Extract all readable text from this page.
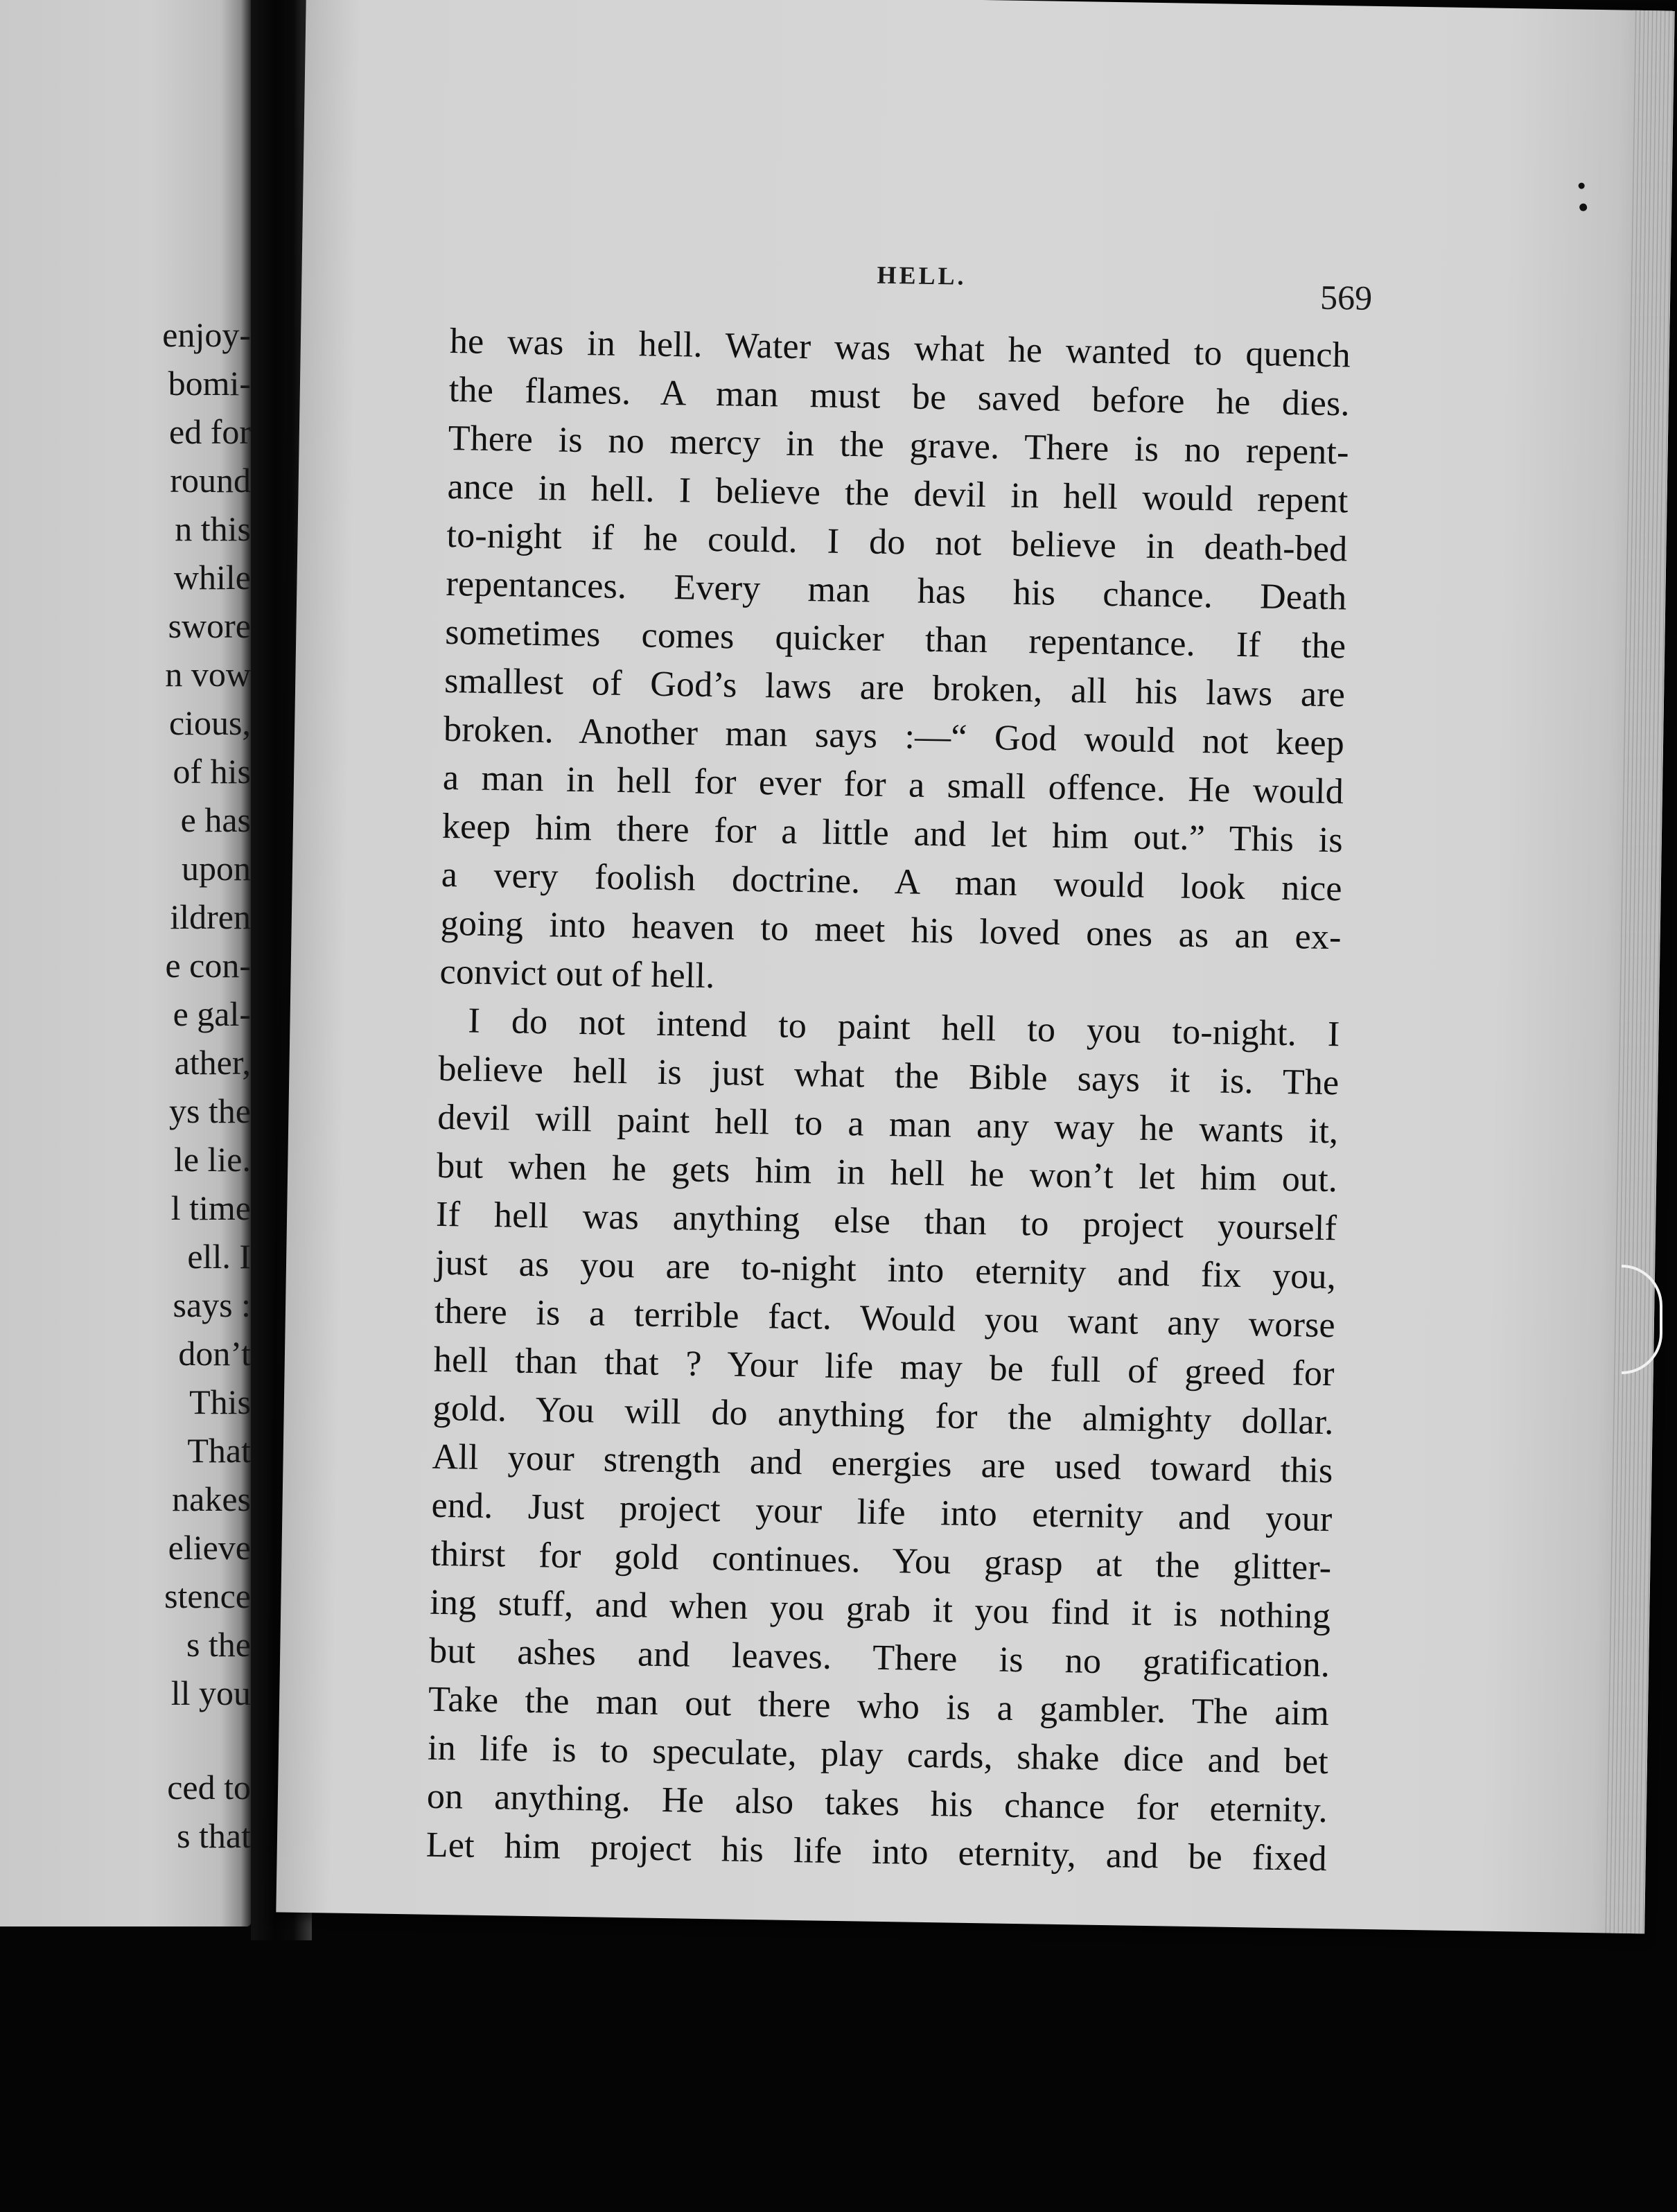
enjoy-
bomi-
ed for
round
n this
while
swore
n vow
cious,
of his
e has
upon
ildren
e con-
e gal-
ather,
ys the
le lie.
l time
ell. I
says :
don’t
This
That
nakes
elieve
stence
s the
ll you
ced to
s that
HELL.
569
he was in hell. Water was what he wanted to quench
the flames. A man must be saved before he dies.
There is no mercy in the grave. There is no repent-
ance in hell. I believe the devil in hell would repent
to-night if he could. I do not believe in death-bed
repentances. Every man has his chance. Death
sometimes comes quicker than repentance. If the
smallest of God’s laws are broken, all his laws are
broken. Another man says :—“ God would not keep
a man in hell for ever for a small offence. He would
keep him there for a little and let him out.” This is
a very foolish doctrine. A man would look nice
going into heaven to meet his loved ones as an ex-
convict out of hell.
I do not intend to paint hell to you to-night. I
believe hell is just what the Bible says it is. The
devil will paint hell to a man any way he wants it,
but when he gets him in hell he won’t let him out.
If hell was anything else than to project yourself
just as you are to-night into eternity and fix you,
there is a terrible fact. Would you want any worse
hell than that ? Your life may be full of greed for
gold. You will do anything for the almighty dollar.
All your strength and energies are used toward this
end. Just project your life into eternity and your
thirst for gold continues. You grasp at the glitter-
ing stuff, and when you grab it you find it is nothing
but ashes and leaves. There is no gratification.
Take the man out there who is a gambler. The aim
in life is to speculate, play cards, shake dice and bet
on anything. He also takes his chance for eternity.
Let him project his life into eternity, and be fixed
